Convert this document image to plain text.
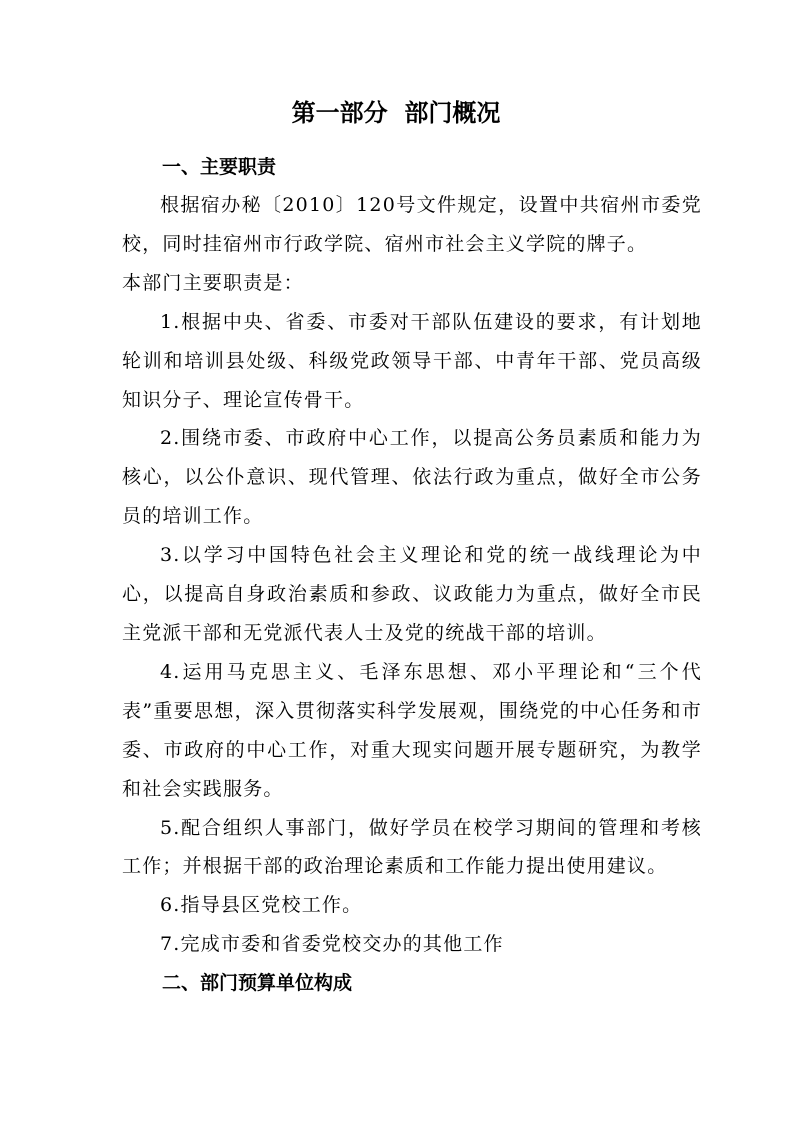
第一部分  部门概况
一、主要职责

根据宿办秘〔2010〕120号文件规定，设置中共宿州市委党校，同时挂宿州市行政学院、宿州市社会主义学院的牌子。

本部门主要职责是：

1.根据中央、省委、市委对干部队伍建设的要求，有计划地轮训和培训县处级、科级党政领导干部、中青年干部、党员高级知识分子、理论宣传骨干。

2.围绕市委、市政府中心工作，以提高公务员素质和能力为核心，以公仆意识、现代管理、依法行政为重点，做好全市公务员的培训工作。

3.以学习中国特色社会主义理论和党的统一战线理论为中心，以提高自身政治素质和参政、议政能力为重点，做好全市民主党派干部和无党派代表人士及党的统战干部的培训。

4.运用马克思主义、毛泽东思想、邓小平理论和“三个代表”重要思想，深入贯彻落实科学发展观，围绕党的中心任务和市委、市政府的中心工作，对重大现实问题开展专题研究，为教学和社会实践服务。

5.配合组织人事部门，做好学员在校学习期间的管理和考核工作；并根据干部的政治理论素质和工作能力提出使用建议。

6.指导县区党校工作。

7.完成市委和省委党校交办的其他工作

二、部门预算单位构成
